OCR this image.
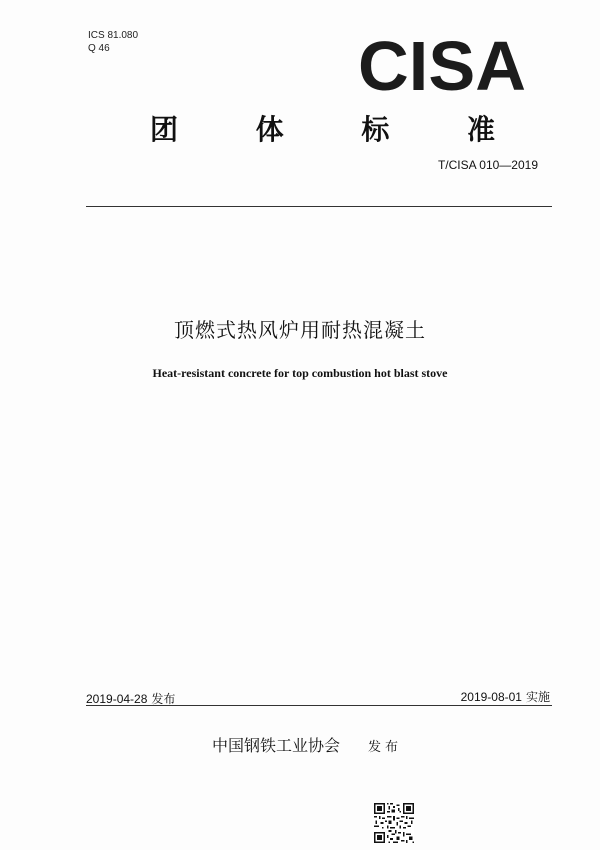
ICS 81.080
Q 46	CISA
团	体	标	准
T/CISA 010—2019
顶燃式热风炉用耐热混凝土
Heat-resistant concrete for top combustion hot blast stove
2019-04-28 发布	2019-08-01 实施
中国钢铁工业协会 发布
